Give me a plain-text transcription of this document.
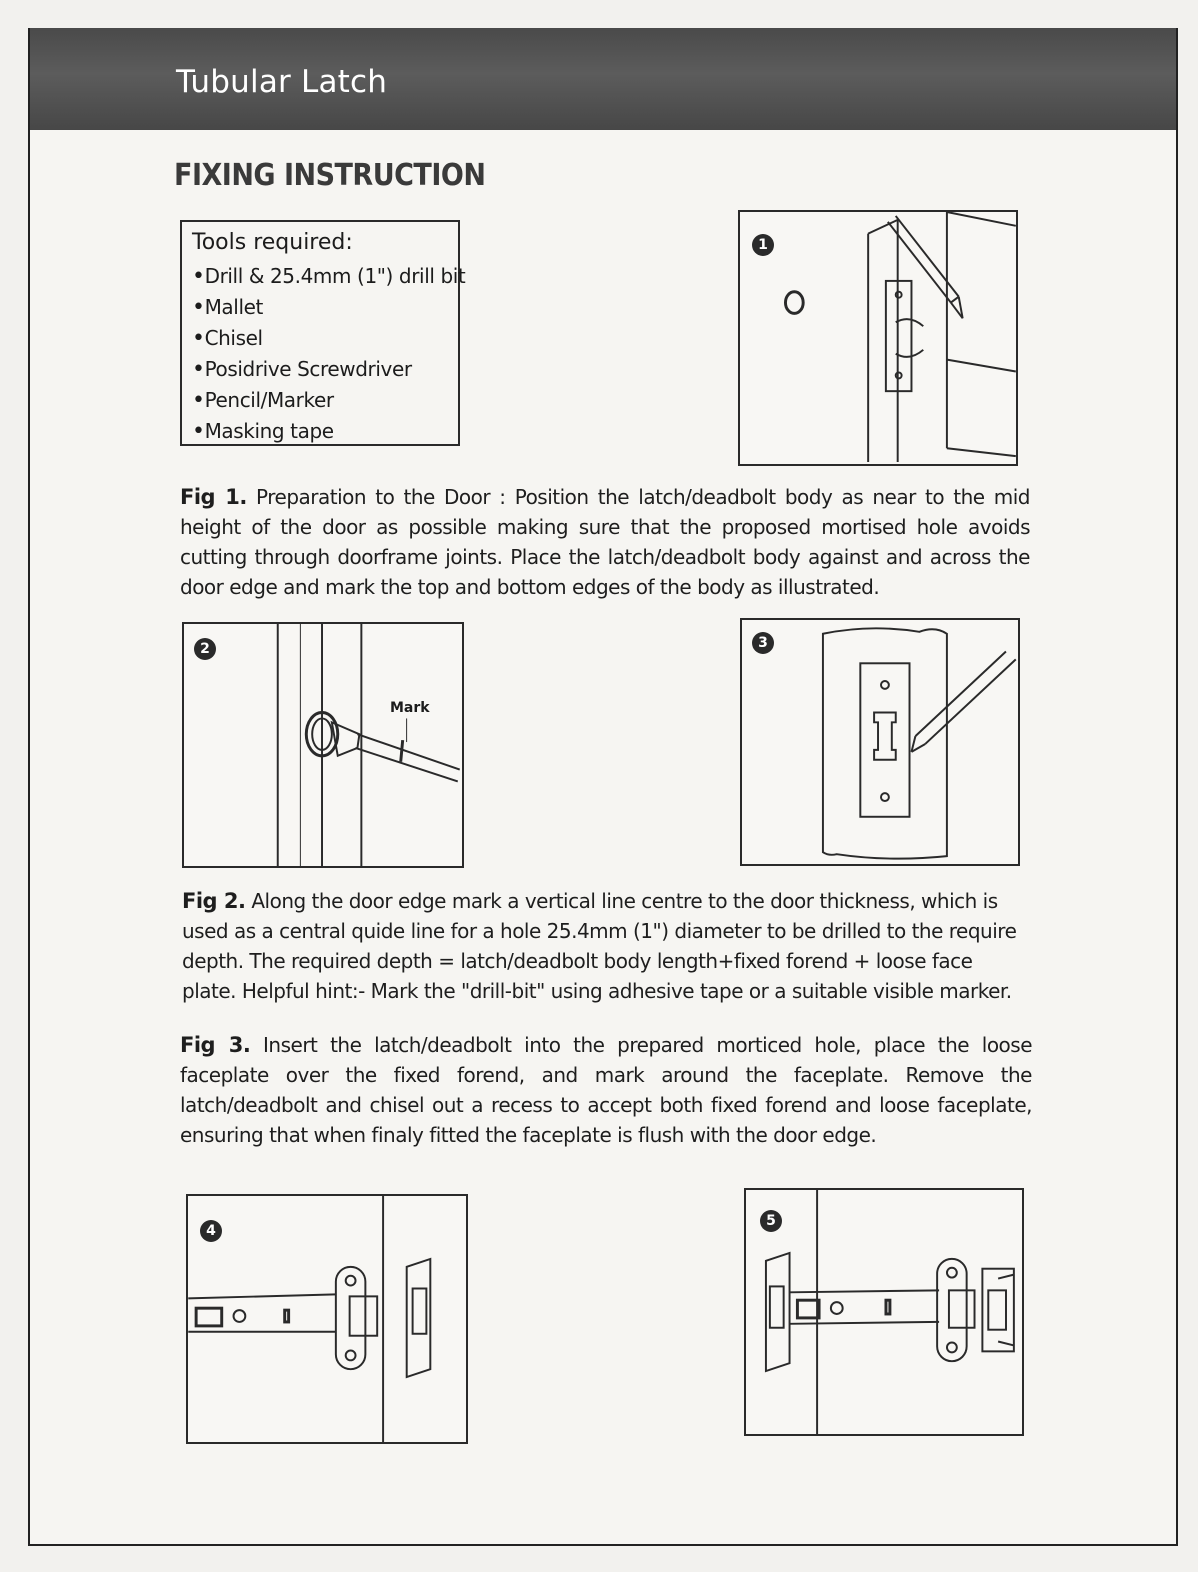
Tubular Latch
FIXING INSTRUCTION
Tools required:
• Drill & 25.4mm (1") drill bit
• Mallet
• Chisel
• Posidrive Screwdriver
• Pencil/Marker
• Masking tape
1
Fig 1. Preparation to the Door : Position the latch/deadbolt body as near to the mid height of the door as possible making sure that the proposed mortised hole avoids cutting through doorframe joints. Place the latch/deadbolt body against and across the door edge and mark the top and bottom edges of the body as illustrated.
2
Mark
3
Fig 2. Along the door edge mark a vertical line centre to the door thickness, which is used as a central quide line for a hole 25.4mm (1") diameter to be drilled to the require depth. The required depth = latch/deadbolt body length+fixed forend + loose face plate. Helpful hint:- Mark the "drill-bit" using adhesive tape or a suitable visible marker.
Fig 3. Insert the latch/deadbolt into the prepared morticed hole, place the loose faceplate over the fixed forend, and mark around the faceplate. Remove the latch/deadbolt and chisel out a recess to accept both fixed forend and loose faceplate, ensuring that when finaly fitted the faceplate is flush with the door edge.
4
5
